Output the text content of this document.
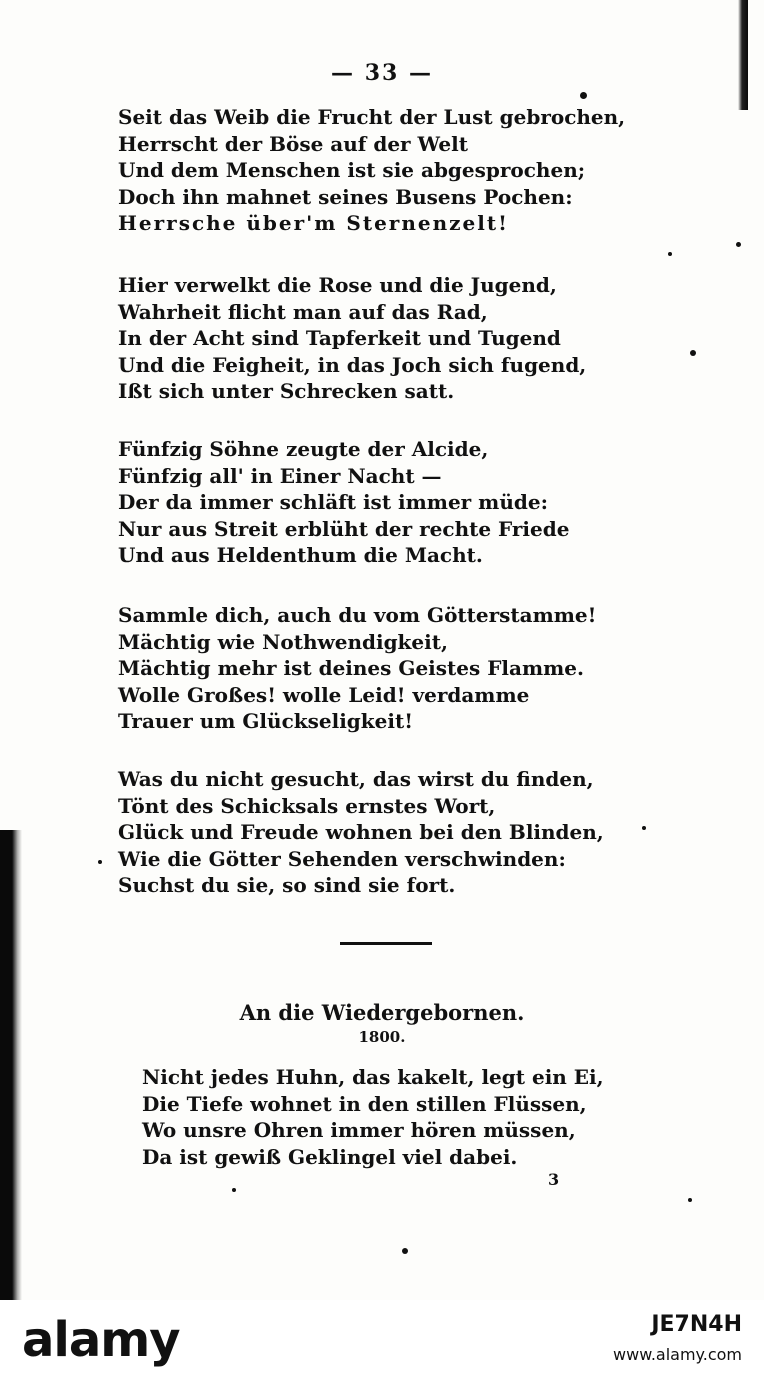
— 33 —
Seit das Weib die Frucht der Lust gebrochen,
Herrscht der Böse auf der Welt
Und dem Menschen ist sie abgesprochen;
Doch ihn mahnet seines Busens Pochen:
Herrsche über'm Sternenzelt!
Hier verwelkt die Rose und die Jugend,
Wahrheit flicht man auf das Rad,
In der Acht sind Tapferkeit und Tugend
Und die Feigheit, in das Joch sich fugend,
Ißt sich unter Schrecken satt.
Fünfzig Söhne zeugte der Alcide,
Fünfzig all' in Einer Nacht —
Der da immer schläft ist immer müde:
Nur aus Streit erblüht der rechte Friede
Und aus Heldenthum die Macht.
Sammle dich, auch du vom Götterstamme!
Mächtig wie Nothwendigkeit,
Mächtig mehr ist deines Geistes Flamme.
Wolle Großes! wolle Leid! verdamme
Trauer um Glückseligkeit!
Was du nicht gesucht, das wirst du finden,
Tönt des Schicksals ernstes Wort,
Glück und Freude wohnen bei den Blinden,
Wie die Götter Sehenden verschwinden:
Suchst du sie, so sind sie fort.
An die Wiedergebornen.
1800.
Nicht jedes Huhn, das kakelt, legt ein Ei,
Die Tiefe wohnet in den stillen Flüssen,
Wo unsre Ohren immer hören müssen,
Da ist gewiß Geklingel viel dabei.
3
alamy	JE7N4H
www.alamy.com
